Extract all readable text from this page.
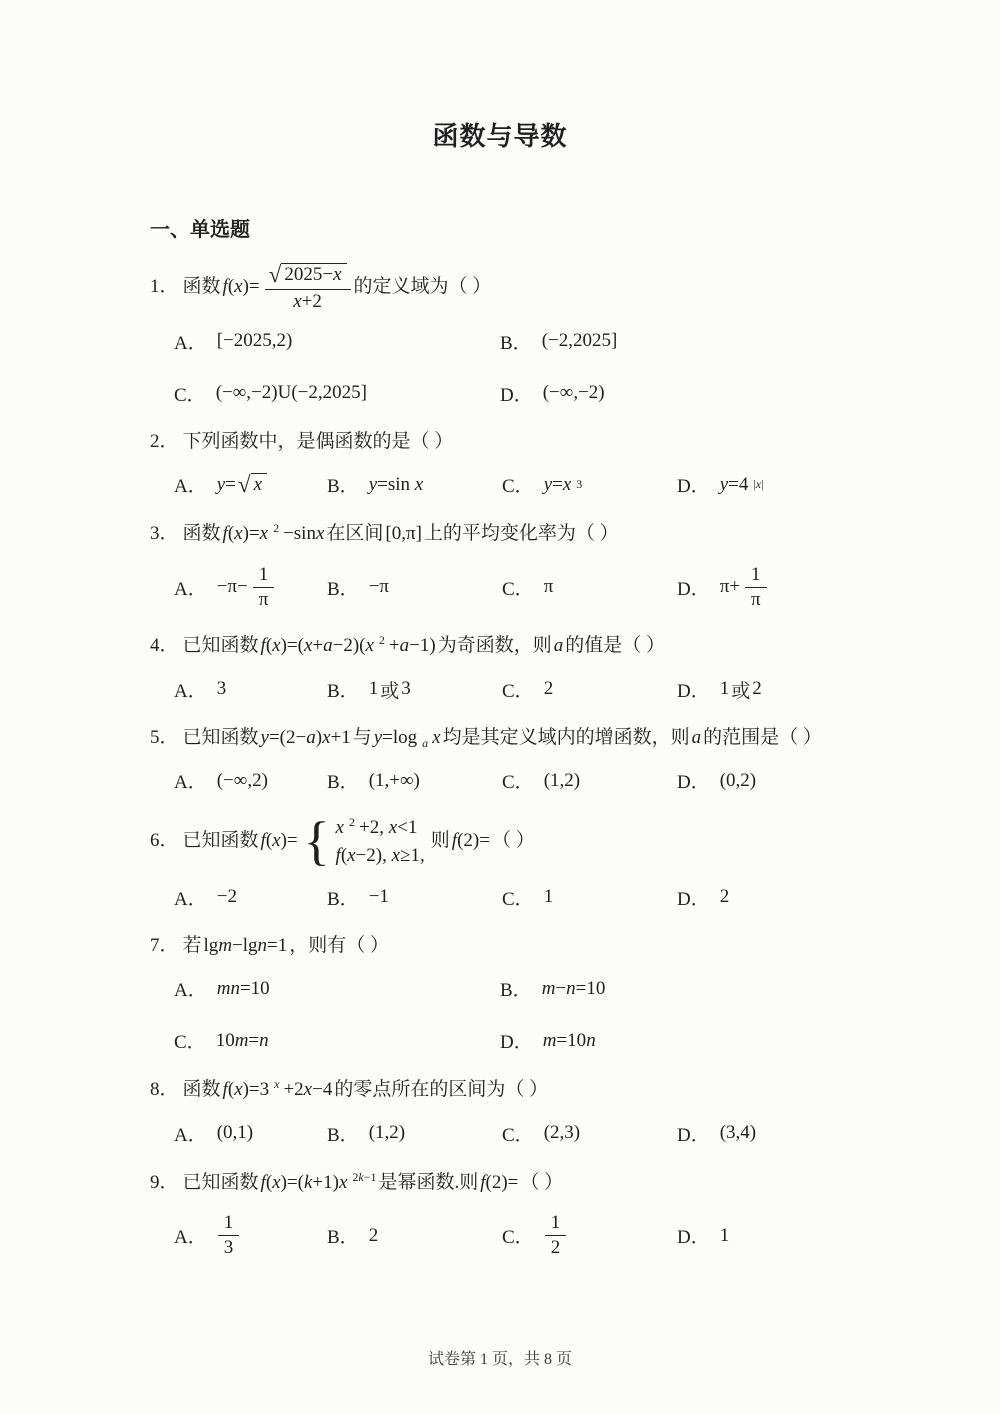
函数与导数
一、单选题
1． 函数 $f(x)= \frac{√ 2025-x}{x+2}$ 的定义域为（ ）
A． [−2025,2)	B． (−2,2025]
C． (−∞,−2)U(−2,2025]	D． (−∞,−2)
2． 下列函数中，是偶函数的是（ ）
A． y= √ x	B． y=sin x	C． y=x 3	D． y=4 |x|
3． 函数 f(x)=x $^2$ −sinx 在区间 [0,π] 上的平均变化率为（ ）
A． $-\pi- \frac{1}{\pi}$	B． −π	C． π	D． $\pi+ \frac{1}{\pi}$
4． 已知函数 f(x)=(x+a−2)(x $^2$ +a−1) 为奇函数，则 a 的值是（ ）
A． 3	B． 1 或 3	C． 2	D． 1 或 2
5． 已知函数 y=(2−a)x+1 与 y=log $_a$ x 均是其定义域内的增函数，则 a 的范围是（ ）
A． (−∞,2)	B． (1,+∞)	C． (1,2)	D． (0,2)
6． 已知函数 f(x)= { x $^2$ +2, x<1
f(x−2), x≥1,
则 f(2)= （ ）
A． −2	B． −1	C． 1	D． 2
7． 若 lgm−lgn=1 ，则有（ ）
A． mn=10	B． m−n=10
C． 10m=n	D． m=10n
8． 函数 f(x)=3 $^x$ +2x−4 的零点所在的区间为（ ）
A． (0,1)	B． (1,2)	C． (2,3)	D． (3,4)
9． 已知函数 f(x)=(k+1)x $^{2k-1}$ 是幂函数.则 f(2)= （ ）
A． $\frac{1}{3}$	B． 2	C． $\frac{1}{2}$	D． 1
试卷第 1 页，共 8 页
